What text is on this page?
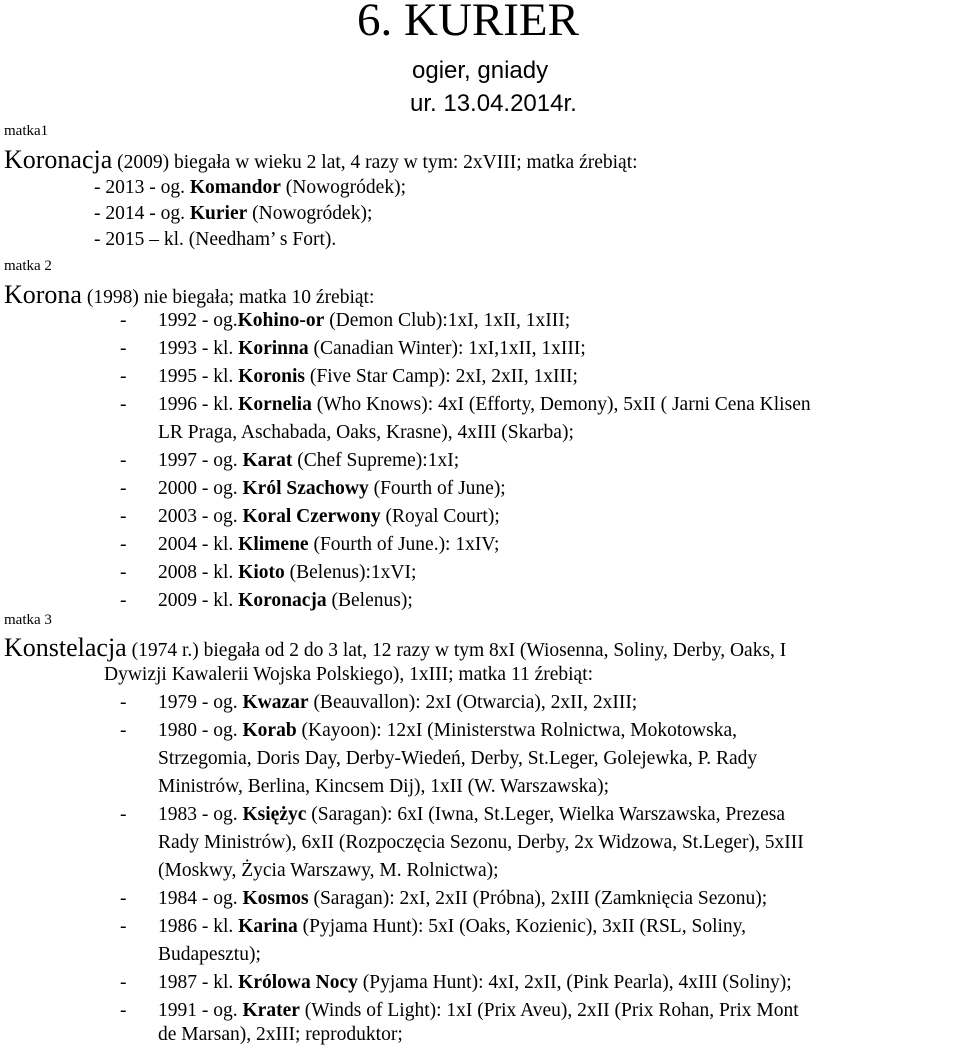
6. KURIER
ogier, gniady
ur. 13.04.2014r.
matka1
Koronacja (2009) biegała w wieku 2 lat, 4 razy w tym: 2xVIII; matka źrebiąt:
- 2013 - og. Komandor (Nowogródek);
- 2014 - og. Kurier (Nowogródek);
- 2015 – kl. (Needham’ s Fort).
matka 2
Korona (1998) nie biegała; matka 10 źrebiąt:
- 1992 - og.Kohino-or (Demon Club):1xI, 1xII, 1xIII;
- 1993 - kl. Korinna (Canadian Winter): 1xI,1xII, 1xIII;
- 1995 - kl. Koronis (Five Star Camp): 2xI, 2xII, 1xIII;
- 1996 - kl. Kornelia (Who Knows): 4xI (Efforty, Demony), 5xII ( Jarni Cena Klisen
LR Praga, Aschabada, Oaks, Krasne), 4xIII (Skarba);
- 1997 - og. Karat (Chef Supreme):1xI;
- 2000 - og. Król Szachowy (Fourth of June);
- 2003 - og. Koral Czerwony (Royal Court);
- 2004 - kl. Klimene (Fourth of June.): 1xIV;
- 2008 - kl. Kioto (Belenus):1xVI;
- 2009 - kl. Koronacja (Belenus);
matka 3
Konstelacja (1974 r.) biegała od 2 do 3 lat, 12 razy w tym 8xI (Wiosenna, Soliny, Derby, Oaks, I
Dywizji Kawalerii Wojska Polskiego), 1xIII; matka 11 źrebiąt:
- 1979 - og. Kwazar (Beauvallon): 2xI (Otwarcia), 2xII, 2xIII;
- 1980 - og. Korab (Kayoon): 12xI (Ministerstwa Rolnictwa, Mokotowska,
Strzegomia, Doris Day, Derby-Wiedeń, Derby, St.Leger, Golejewka, P. Rady
Ministrów, Berlina, Kincsem Dij), 1xII (W. Warszawska);
- 1983 - og. Księżyc (Saragan): 6xI (Iwna, St.Leger, Wielka Warszawska, Prezesa
Rady Ministrów), 6xII (Rozpoczęcia Sezonu, Derby, 2x Widzowa, St.Leger), 5xIII
(Moskwy, Życia Warszawy, M. Rolnictwa);
- 1984 - og. Kosmos (Saragan): 2xI, 2xII (Próbna), 2xIII (Zamknięcia Sezonu);
- 1986 - kl. Karina (Pyjama Hunt): 5xI (Oaks, Kozienic), 3xII (RSL, Soliny,
Budapesztu);
- 1987 - kl. Królowa Nocy (Pyjama Hunt): 4xI, 2xII, (Pink Pearla), 4xIII (Soliny);
- 1991 - og. Krater (Winds of Light): 1xI (Prix Aveu), 2xII (Prix Rohan, Prix Mont
de Marsan), 2xIII; reproduktor;
